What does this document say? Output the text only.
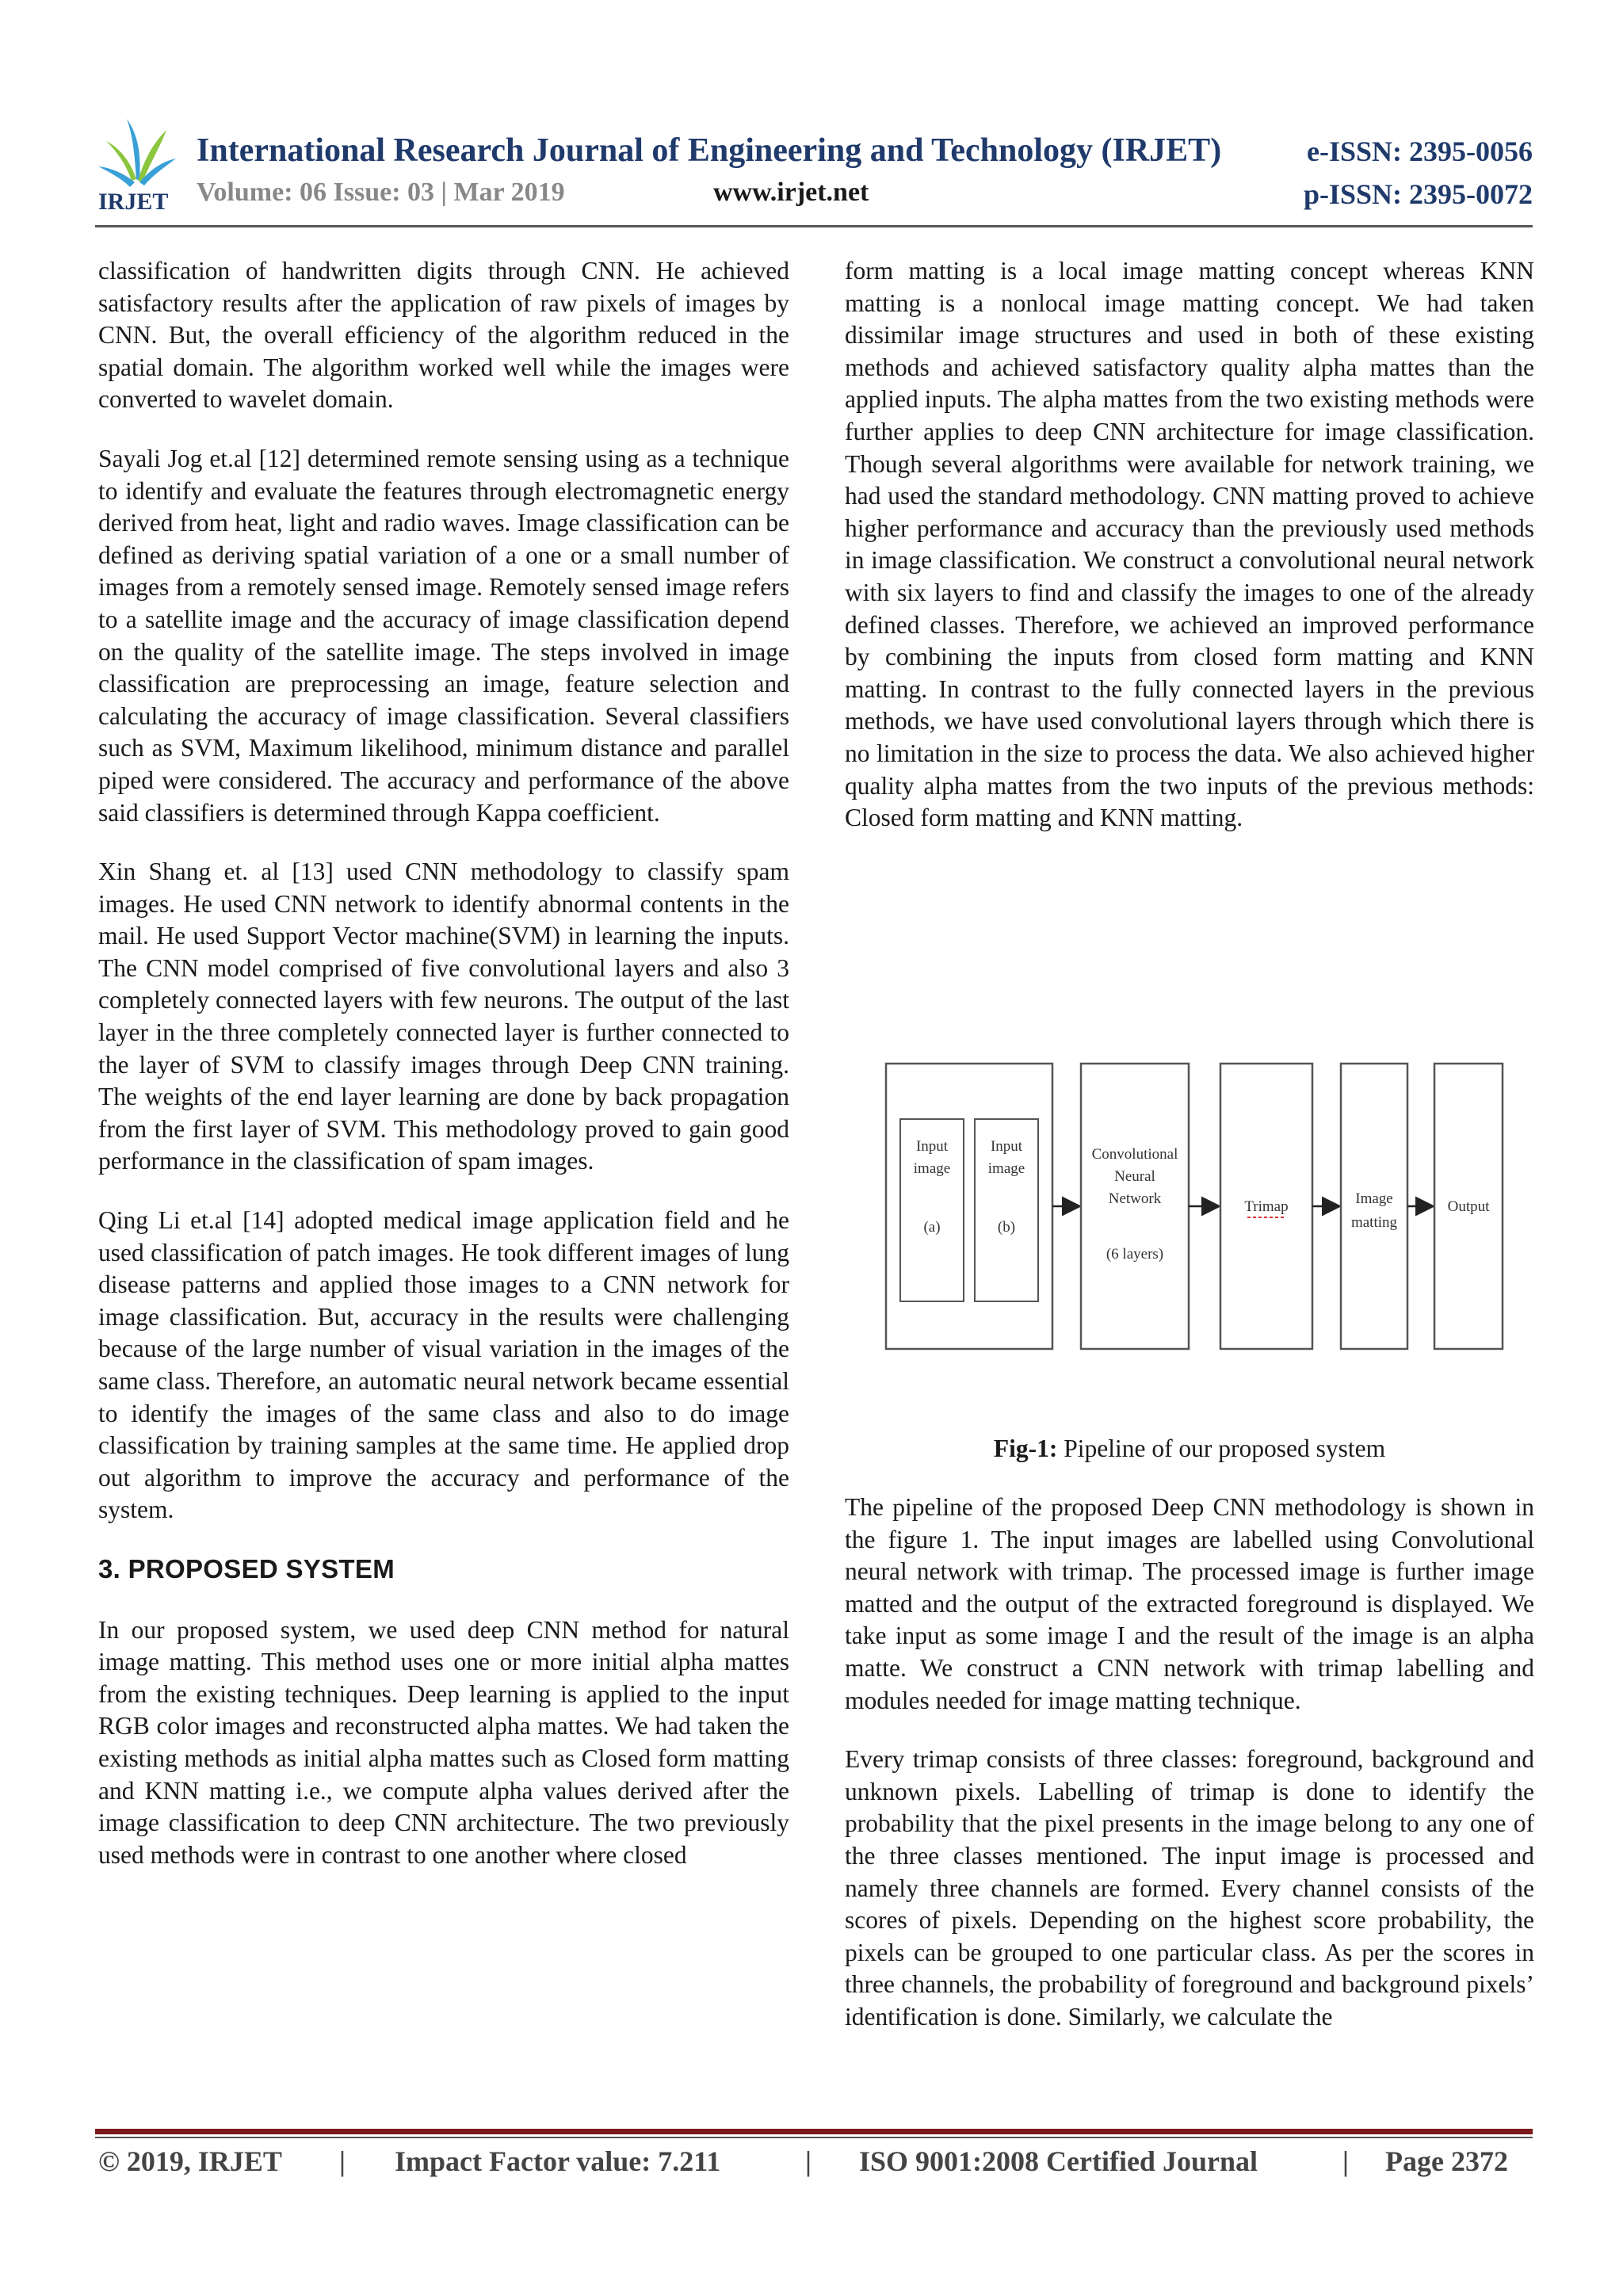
IRJET
International Research Journal of Engineering and Technology (IRJET)	e-ISSN: 2395-0056
Volume: 06 Issue: 03 | Mar 2019	www.irjet.net	p-ISSN: 2395-0072

classification of handwritten digits through CNN. He achieved satisfactory results after the application of raw pixels of images by CNN. But, the overall efficiency of the algorithm reduced in the spatial domain. The algorithm worked well while the images were converted to wavelet domain.

Sayali Jog et.al [12] determined remote sensing using as a technique to identify and evaluate the features through electromagnetic energy derived from heat, light and radio waves. Image classification can be defined as deriving spatial variation of a one or a small number of images from a remotely sensed image. Remotely sensed image refers to a satellite image and the accuracy of image classification depend on the quality of the satellite image. The steps involved in image classification are preprocessing an image, feature selection and calculating the accuracy of image classification. Several classifiers such as SVM, Maximum likelihood, minimum distance and parallel piped were considered. The accuracy and performance of the above said classifiers is determined through Kappa coefficient.

Xin Shang et. al [13] used CNN methodology to classify spam images. He used CNN network to identify abnormal contents in the mail. He used Support Vector machine(SVM) in learning the inputs. The CNN model comprised of five convolutional layers and also 3 completely connected layers with few neurons. The output of the last layer in the three completely connected layer is further connected to the layer of SVM to classify images through Deep CNN training. The weights of the end layer learning are done by back propagation from the first layer of SVM. This methodology proved to gain good performance in the classification of spam images.

Qing Li et.al [14] adopted medical image application field and he used classification of patch images. He took different images of lung disease patterns and applied those images to a CNN network for image classification. But, accuracy in the results were challenging because of the large number of visual variation in the images of the same class. Therefore, an automatic neural network became essential to identify the images of the same class and also to do image classification by training samples at the same time. He applied drop out algorithm to improve the accuracy and performance of the system.

3. PROPOSED SYSTEM

In our proposed system, we used deep CNN method for natural image matting. This method uses one or more initial alpha mattes from the existing techniques. Deep learning is applied to the input RGB color images and reconstructed alpha mattes. We had taken the existing methods as initial alpha mattes such as Closed form matting and KNN matting i.e., we compute alpha values derived after the image classification to deep CNN architecture. The two previously used methods were in contrast to one another where closed

form matting is a local image matting concept whereas KNN matting is a nonlocal image matting concept. We had taken dissimilar image structures and used in both of these existing methods and achieved satisfactory quality alpha mattes than the applied inputs. The alpha mattes from the two existing methods were further applies to deep CNN architecture for image classification. Though several algorithms were available for network training, we had used the standard methodology. CNN matting proved to achieve higher performance and accuracy than the previously used methods in image classification. We construct a convolutional neural network with six layers to find and classify the images to one of the already defined classes. Therefore, we achieved an improved performance by combining the inputs from closed form matting and KNN matting. In contrast to the fully connected layers in the previous methods, we have used convolutional layers through which there is no limitation in the size to process the data. We also achieved higher quality alpha mattes from the two inputs of the previous methods: Closed form matting and KNN matting.

Input
image
(a)
Input
image
(b)
Convolutional
Neural
Network
(6 layers)
Trimap	Image
matting
Output
Fig-1: Pipeline of our proposed system

The pipeline of the proposed Deep CNN methodology is shown in the figure 1. The input images are labelled using Convolutional neural network with trimap. The processed image is further image matted and the output of the extracted foreground is displayed. We take input as some image I and the result of the image is an alpha matte. We construct a CNN network with trimap labelling and modules needed for image matting technique.

Every trimap consists of three classes: foreground, background and unknown pixels. Labelling of trimap is done to identify the probability that the pixel presents in the image belong to any one of the three classes mentioned. The input image is processed and namely three channels are formed. Every channel consists of the scores of pixels. Depending on the highest score probability, the pixels can be grouped to one particular class. As per the scores in three channels, the probability of foreground and background pixels’ identification is done. Similarly, we calculate the

© 2019, IRJET | Impact Factor value: 7.211	| ISO 9001:2008 Certified Journal	| Page 2372
